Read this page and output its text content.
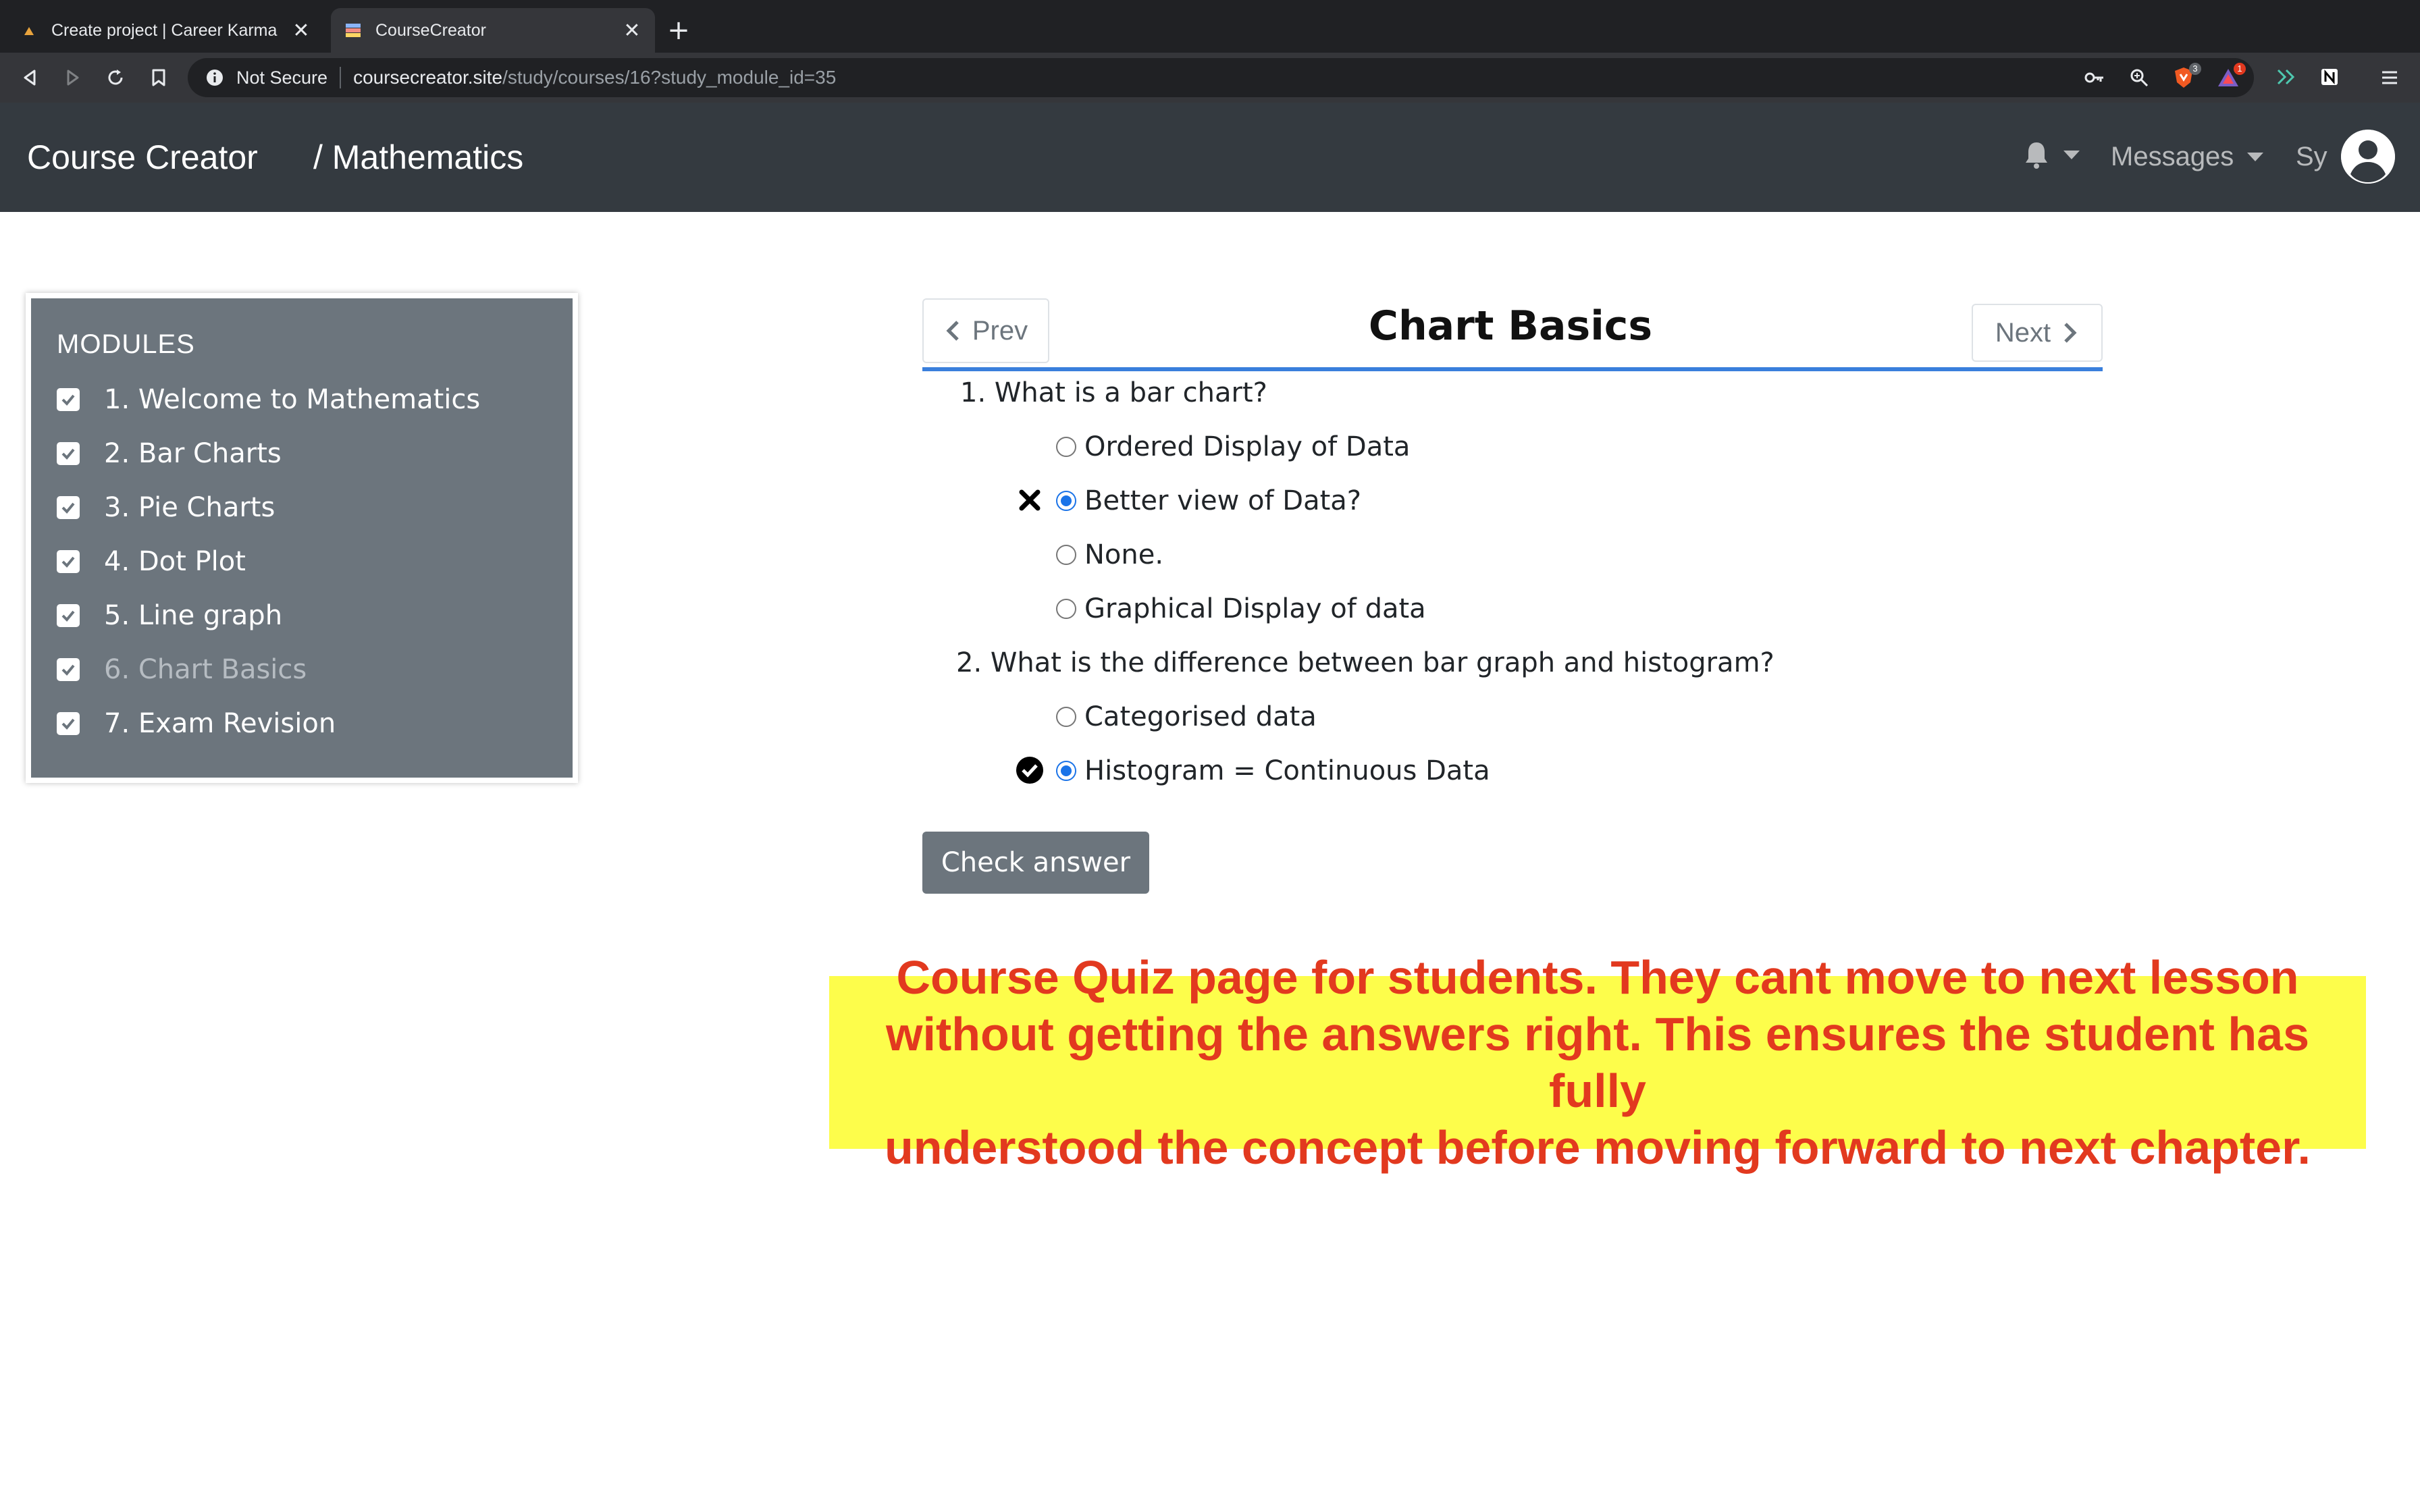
Create project | Career Karma ✕	CourseCreator	✕ +
Not Secure coursecreator.site /study/courses/16?study_module_id=35	3	1
Course Creator / Mathematics	Messages Sy
MODULES
1. Welcome to Mathematics
2. Bar Charts
3. Pie Charts
4. Dot Plot
5. Line graph
6. Chart Basics
7. Exam Revision
Prev	Chart Basics	Next
1. What is a bar chart?
Ordered Display of Data
Better view of Data?
None.
Graphical Display of data
2. What is the difference between bar graph and histogram?
Categorised data
Histogram = Continuous Data
Check answer
Course Quiz page for students. They cant move to next lesson
without getting the answers right. This ensures the student has fully
understood the concept before moving forward to next chapter.
